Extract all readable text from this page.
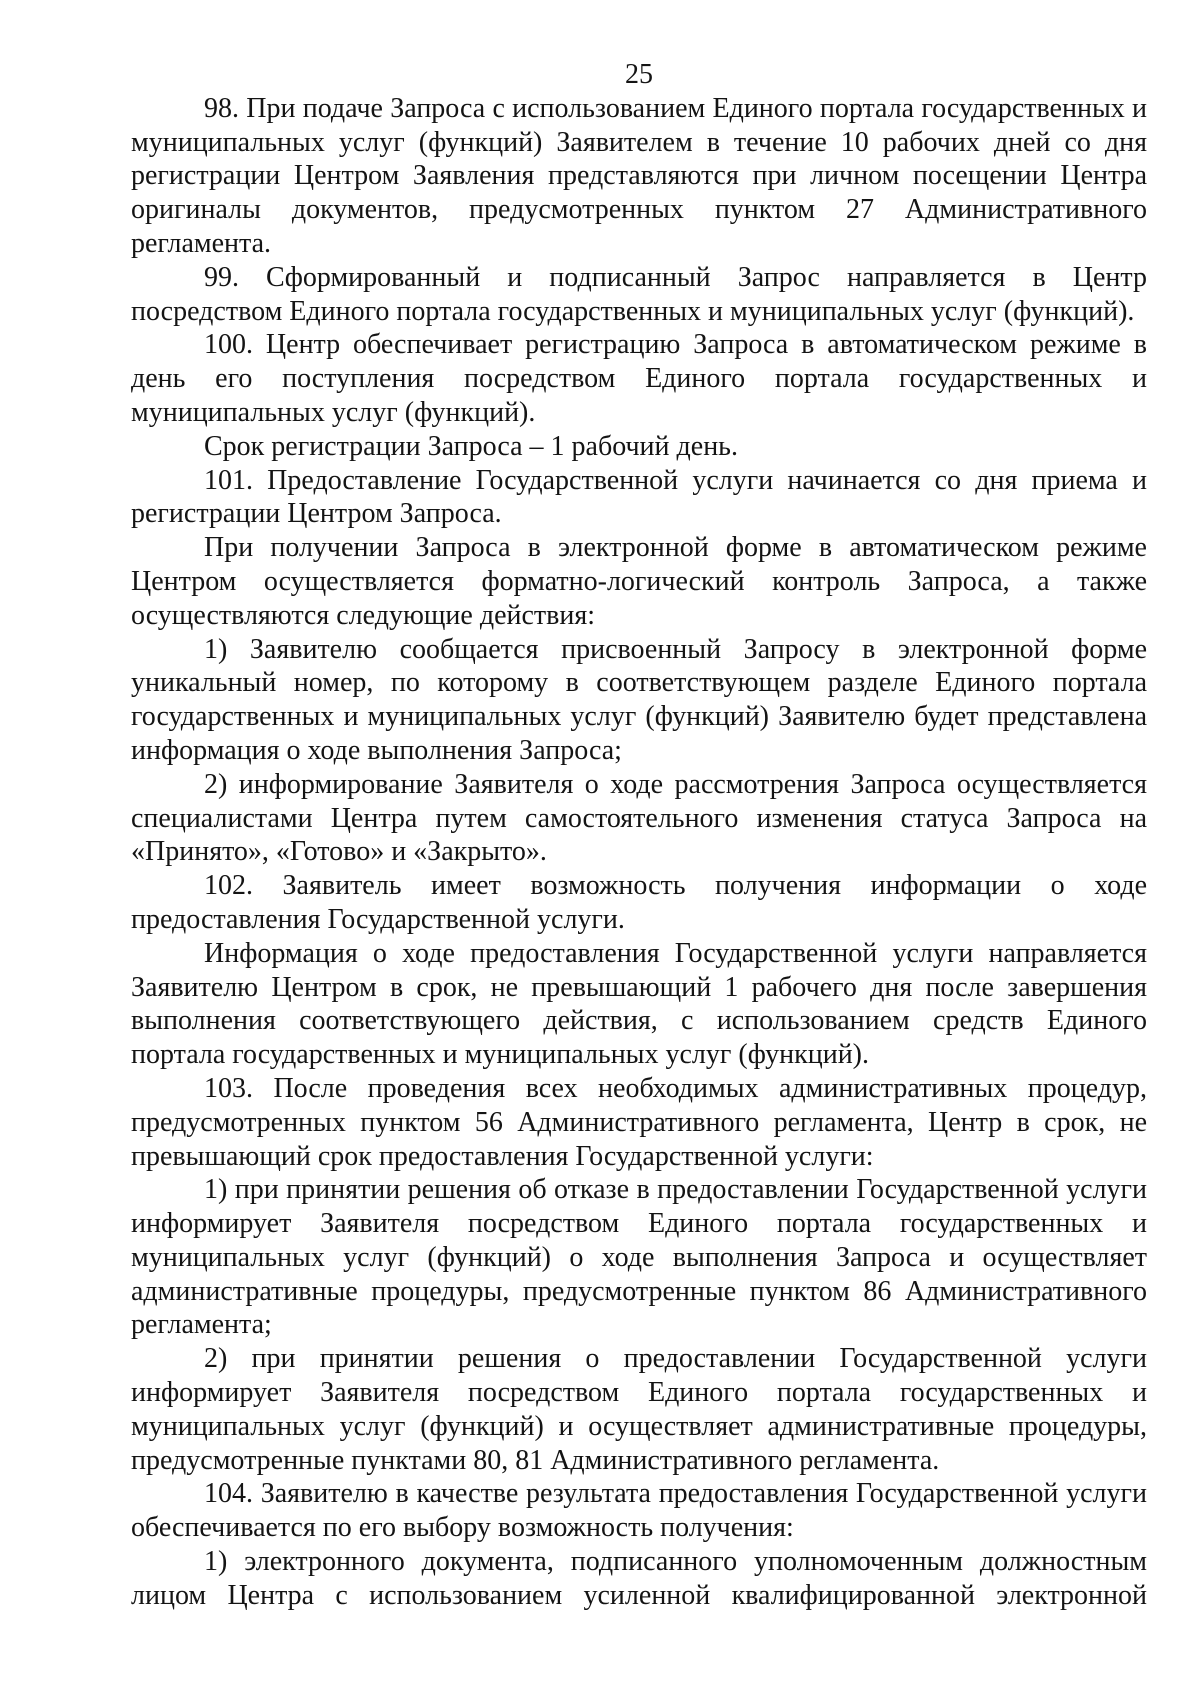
25

98. При подаче Запроса с использованием Единого портала государственных и муниципальных услуг (функций) Заявителем в течение 10 рабочих дней со дня регистрации Центром Заявления представляются при личном посещении Центра оригиналы документов, предусмотренных пунктом 27 Административного регламента.

99. Сформированный и подписанный Запрос направляется в Центр посредством Единого портала государственных и муниципальных услуг (функций).

100. Центр обеспечивает регистрацию Запроса в автоматическом режиме в день его поступления посредством Единого портала государственных и муниципальных услуг (функций).

Срок регистрации Запроса – 1 рабочий день.

101. Предоставление Государственной услуги начинается со дня приема и регистрации Центром Запроса.

При получении Запроса в электронной форме в автоматическом режиме Центром осуществляется форматно-логический контроль Запроса, а также осуществляются следующие действия:

1) Заявителю сообщается присвоенный Запросу в электронной форме уникальный номер, по которому в соответствующем разделе Единого портала государственных и муниципальных услуг (функций) Заявителю будет представлена информация о ходе выполнения Запроса;

2) информирование Заявителя о ходе рассмотрения Запроса осуществляется специалистами Центра путем самостоятельного изменения статуса Запроса на «Принято», «Готово» и «Закрыто».

102. Заявитель имеет возможность получения информации о ходе предоставления Государственной услуги.

Информация о ходе предоставления Государственной услуги направляется Заявителю Центром в срок, не превышающий 1 рабочего дня после завершения выполнения соответствующего действия, с использованием средств Единого портала государственных и муниципальных услуг (функций).

103. После проведения всех необходимых административных процедур, предусмотренных пунктом 56 Административного регламента, Центр в срок, не превышающий срок предоставления Государственной услуги:

1) при принятии решения об отказе в предоставлении Государственной услуги информирует Заявителя посредством Единого портала государственных и муниципальных услуг (функций) о ходе выполнения Запроса и осуществляет административные процедуры, предусмотренные пунктом 86 Административного регламента;

2) при принятии решения о предоставлении Государственной услуги информирует Заявителя посредством Единого портала государственных и муниципальных услуг (функций) и осуществляет административные процедуры, предусмотренные пунктами 80, 81 Административного регламента.

104. Заявителю в качестве результата предоставления Государственной услуги обеспечивается по его выбору возможность получения:

1) электронного документа, подписанного уполномоченным должностным лицом Центра с использованием усиленной квалифицированной электронной
